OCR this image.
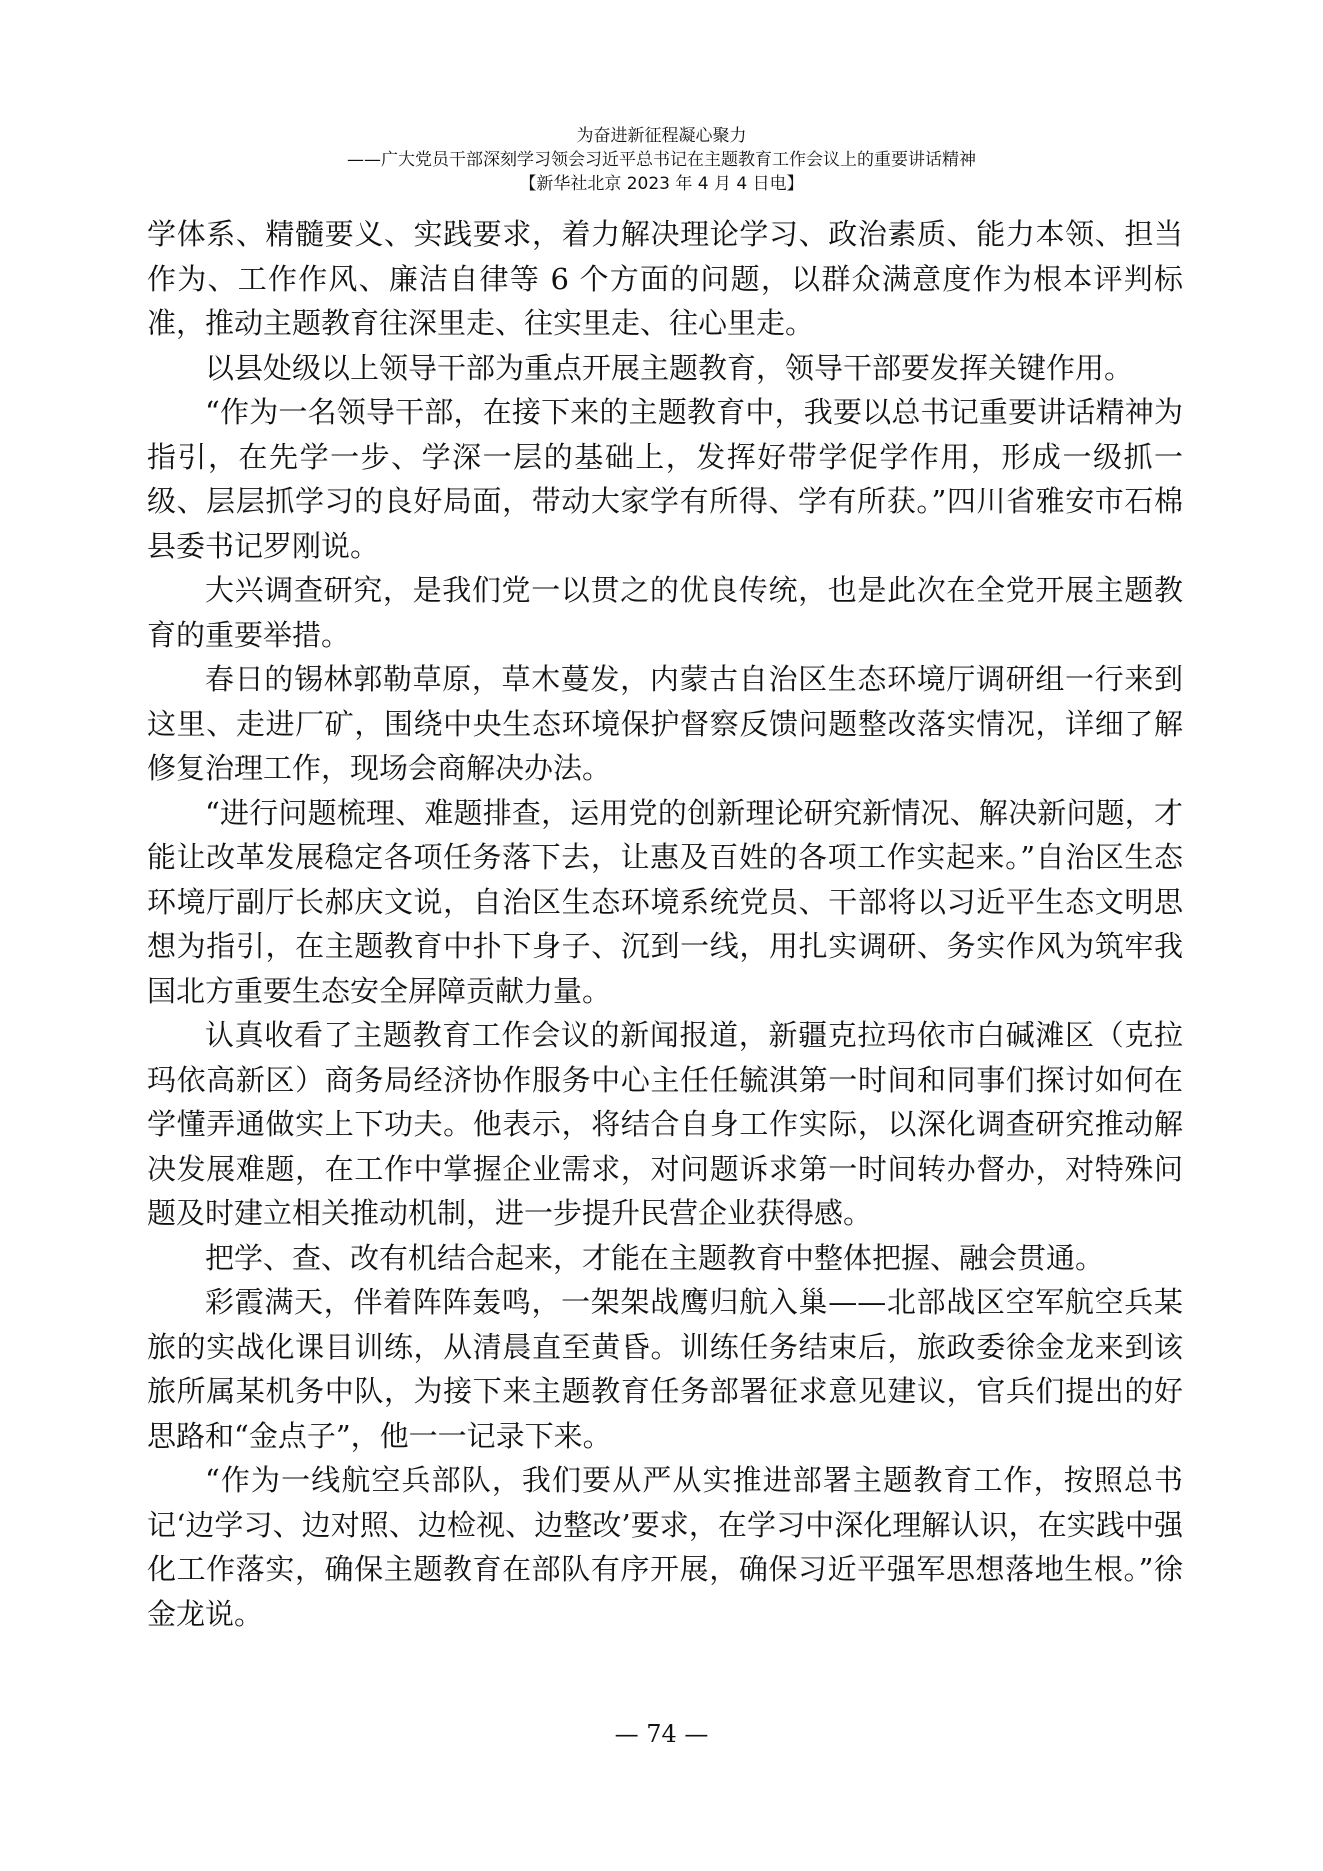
为奋进新征程凝心聚力
——广大党员干部深刻学习领会习近平总书记在主题教育工作会议上的重要讲话精神
【新华社北京 2023 年 4 月 4 日电】

学体系、精髓要义、实践要求，着力解决理论学习、政治素质、能力本领、担当作为、工作作风、廉洁自律等 6 个方面的问题，以群众满意度作为根本评判标准，推动主题教育往深里走、往实里走、往心里走。

以县处级以上领导干部为重点开展主题教育，领导干部要发挥关键作用。

“作为一名领导干部，在接下来的主题教育中，我要以总书记重要讲话精神为指引，在先学一步、学深一层的基础上，发挥好带学促学作用，形成一级抓一级、层层抓学习的良好局面，带动大家学有所得、学有所获。”四川省雅安市石棉县委书记罗刚说。

大兴调查研究，是我们党一以贯之的优良传统，也是此次在全党开展主题教育的重要举措。

春日的锡林郭勒草原，草木蔓发，内蒙古自治区生态环境厅调研组一行来到这里、走进厂矿，围绕中央生态环境保护督察反馈问题整改落实情况，详细了解修复治理工作，现场会商解决办法。

“进行问题梳理、难题排查，运用党的创新理论研究新情况、解决新问题，才能让改革发展稳定各项任务落下去，让惠及百姓的各项工作实起来。”自治区生态环境厅副厅长郝庆文说，自治区生态环境系统党员、干部将以习近平生态文明思想为指引，在主题教育中扑下身子、沉到一线，用扎实调研、务实作风为筑牢我国北方重要生态安全屏障贡献力量。

认真收看了主题教育工作会议的新闻报道，新疆克拉玛依市白碱滩区（克拉玛依高新区）商务局经济协作服务中心主任任毓淇第一时间和同事们探讨如何在学懂弄通做实上下功夫。他表示，将结合自身工作实际，以深化调查研究推动解决发展难题，在工作中掌握企业需求，对问题诉求第一时间转办督办，对特殊问题及时建立相关推动机制，进一步提升民营企业获得感。

把学、查、改有机结合起来，才能在主题教育中整体把握、融会贯通。

彩霞满天，伴着阵阵轰鸣，一架架战鹰归航入巢——北部战区空军航空兵某旅的实战化课目训练，从清晨直至黄昏。训练任务结束后，旅政委徐金龙来到该旅所属某机务中队，为接下来主题教育任务部署征求意见建议，官兵们提出的好思路和“金点子”，他一一记录下来。

“作为一线航空兵部队，我们要从严从实推进部署主题教育工作，按照总书记‘边学习、边对照、边检视、边整改’要求，在学习中深化理解认识，在实践中强化工作落实，确保主题教育在部队有序开展，确保习近平强军思想落地生根。”徐金龙说。

— 74 —
